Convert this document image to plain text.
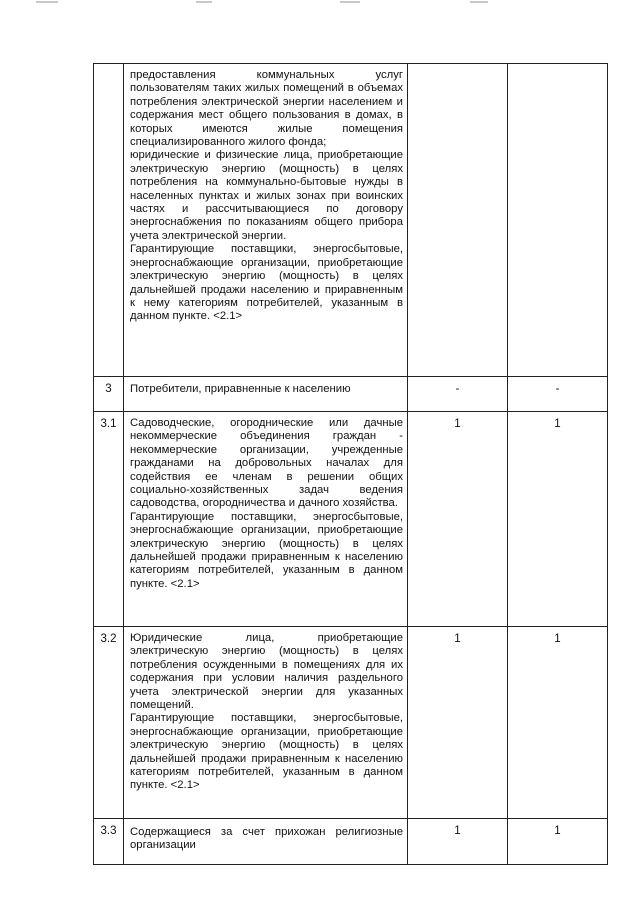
	предоставления коммунальных услуг пользователям таких жилых помещений в объемах потребления электрической энергии населением и содержания мест общего пользования в домах, в которых имеются жилые помещения специализированного жилого фонда;

юридические и физические лица, приобретающие электрическую энергию (мощность) в целях потребления на коммунально-бытовые нужды в населенных пунктах и жилых зонах при воинских частях и рассчитывающиеся по договору энергоснабжения по показаниям общего прибора учета электрической энергии.

Гарантирующие поставщики, энергосбытовые, энергоснабжающие организации, приобретающие электрическую энергию (мощность) в целях дальнейшей продажи населению и приравненным к нему категориям потребителей, указанным в данном пункте. <2.1>		

3	Потребители, приравненные к населению	-	-
3.1	Садоводческие, огороднические или дачные некоммерческие объединения граждан - некоммерческие организации, учрежденные гражданами на добровольных началах для содействия ее членам в решении общих социально-хозяйственных задач ведения садоводства, огородничества и дачного хозяйства.

Гарантирующие поставщики, энергосбытовые, энергоснабжающие организации, приобретающие электрическую энергию (мощность) в целях дальнейшей продажи приравненным к населению категориям потребителей, указанным в данном пункте. <2.1>	1	1
3.2	Юридические лица, приобретающие электрическую энергию (мощность) в целях потребления осужденными в помещениях для их содержания при условии наличия раздельного учета электрической энергии для указанных помещений.

Гарантирующие поставщики, энергосбытовые, энергоснабжающие организации, приобретающие электрическую энергию (мощность) в целях дальнейшей продажи приравненным к населению категориям потребителей, указанным в данном пункте. <2.1>	1	1
3.3	Содержащиеся за счет прихожан религиозные организации	1	1
